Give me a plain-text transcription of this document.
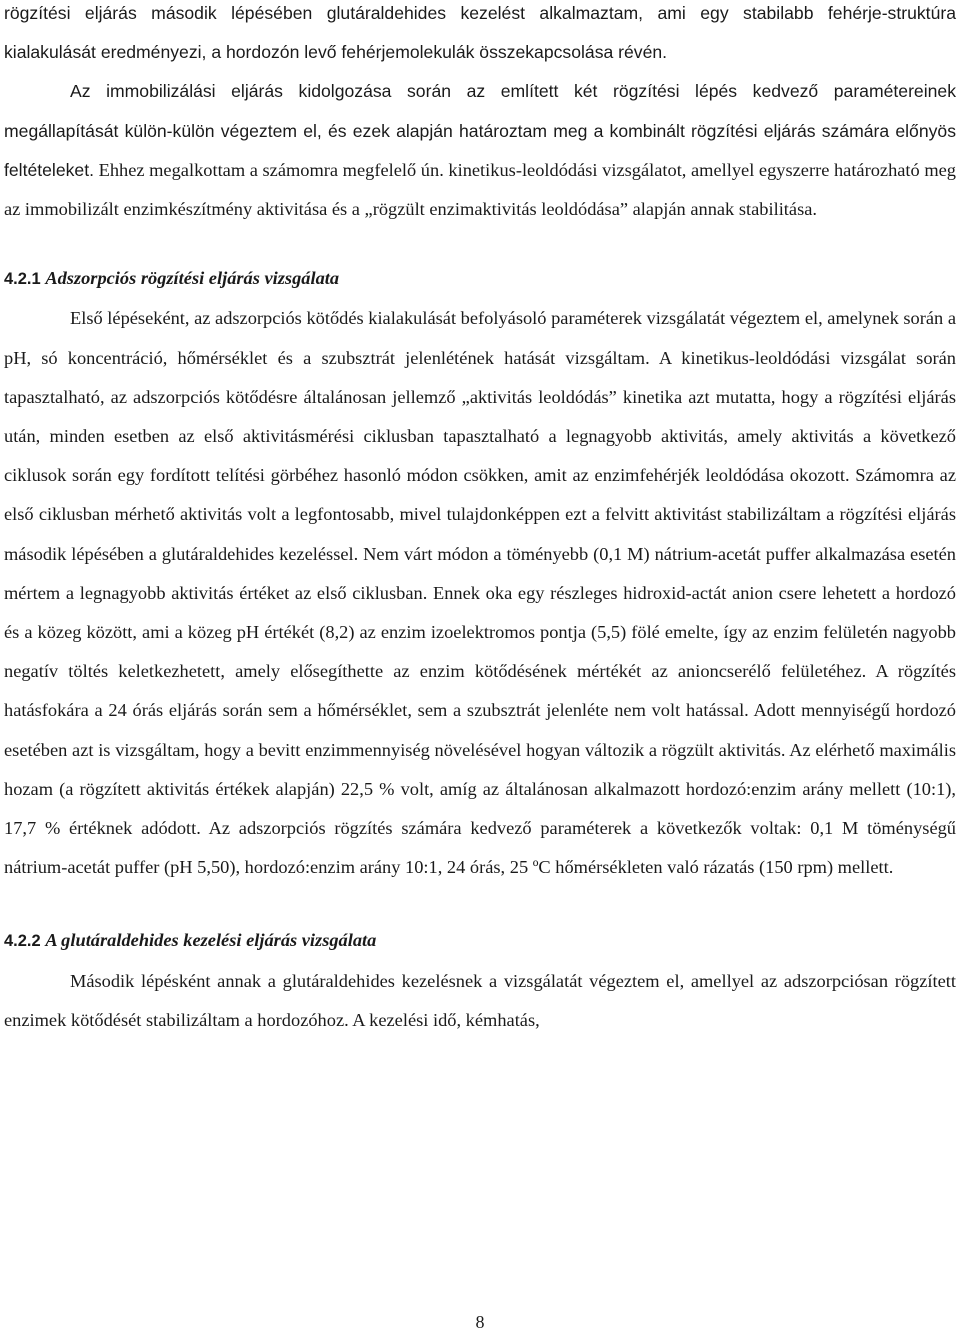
rögzítési eljárás második lépésében glutáraldehides kezelést alkalmaztam, ami egy stabilabb fehérje-struktúra kialakulását eredményezi, a hordozón levő fehérjemolekulák összekapcsolása révén.

Az immobilizálási eljárás kidolgozása során az említett két rögzítési lépés kedvező paramétereinek megállapítását külön-külön végeztem el, és ezek alapján határoztam meg a kombinált rögzítési eljárás számára előnyös feltételeket. Ehhez megalkottam a számomra megfelelő ún. kinetikus-leoldódási vizsgálatot, amellyel egyszerre határozható meg az immobilizált enzimkészítmény aktivitása és a „rögzült enzimaktivitás leoldódása” alapján annak stabilitása.

4.2.1 Adszorpciós rögzítési eljárás vizsgálata

Első lépéseként, az adszorpciós kötődés kialakulását befolyásoló paraméterek vizsgálatát végeztem el, amelynek során a pH, só koncentráció, hőmérséklet és a szubsztrát jelenlétének hatását vizsgáltam. A kinetikus-leoldódási vizsgálat során tapasztalható, az adszorpciós kötődésre általánosan jellemző „aktivitás leoldódás” kinetika azt mutatta, hogy a rögzítési eljárás után, minden esetben az első aktivitásmérési ciklusban tapasztalható a legnagyobb aktivitás, amely aktivitás a következő ciklusok során egy fordított telítési görbéhez hasonló módon csökken, amit az enzimfehérjék leoldódása okozott. Számomra az első ciklusban mérhető aktivitás volt a legfontosabb, mivel tulajdonképpen ezt a felvitt aktivitást stabilizáltam a rögzítési eljárás második lépésében a glutáraldehides kezeléssel. Nem várt módon a töményebb (0,1 M) nátrium-acetát puffer alkalmazása esetén mértem a legnagyobb aktivitás értéket az első ciklusban. Ennek oka egy részleges hidroxid-actát anion csere lehetett a hordozó és a közeg között, ami a közeg pH értékét (8,2) az enzim izoelektromos pontja (5,5) fölé emelte, így az enzim felületén nagyobb negatív töltés keletkezhetett, amely elősegíthette az enzim kötődésének mértékét az anioncserélő felületéhez. A rögzítés hatásfokára a 24 órás eljárás során sem a hőmérséklet, sem a szubsztrát jelenléte nem volt hatással. Adott mennyiségű hordozó esetében azt is vizsgáltam, hogy a bevitt enzimmennyiség növelésével hogyan változik a rögzült aktivitás. Az elérhető maximális hozam (a rögzített aktivitás értékek alapján) 22,5 % volt, amíg az általánosan alkalmazott hordozó:enzim arány mellett (10:1), 17,7 % értéknek adódott. Az adszorpciós rögzítés számára kedvező paraméterek a következők voltak: 0,1 M töménységű nátrium-acetát puffer (pH 5,50), hordozó:enzim arány 10:1, 24 órás, 25 ºC hőmérsékleten való rázatás (150 rpm) mellett.

4.2.2 A glutáraldehides kezelési eljárás vizsgálata

Második lépésként annak a glutáraldehides kezelésnek a vizsgálatát végeztem el, amellyel az adszorpciósan rögzített enzimek kötődését stabilizáltam a hordozóhoz. A kezelési idő, kémhatás,

8
